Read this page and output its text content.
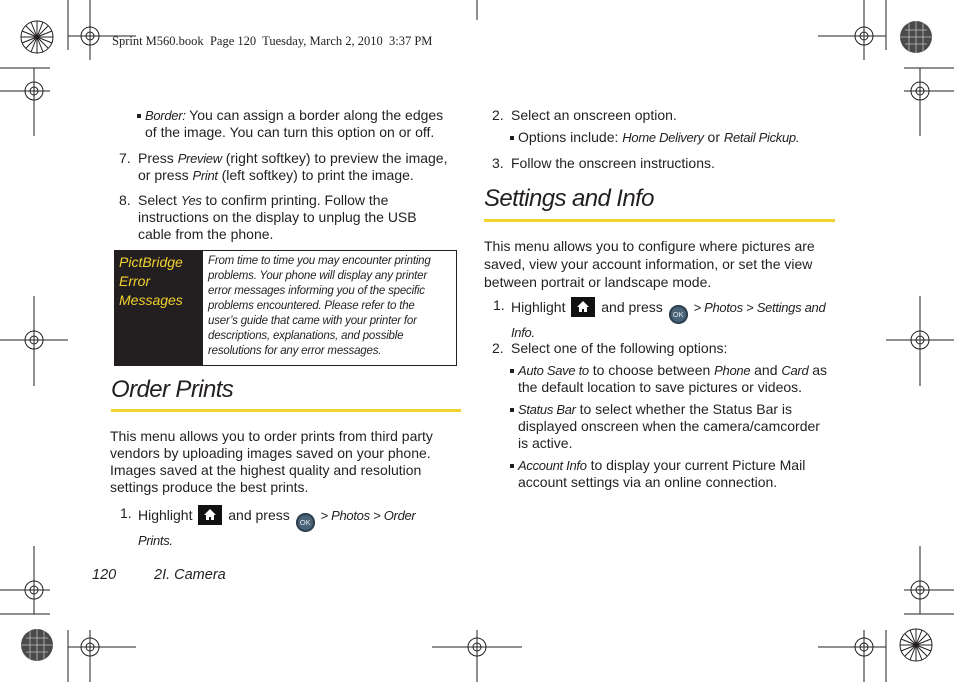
Sprint M560.book Page 120 Tuesday, March 2, 2010 3:37 PM
Border: You can assign a border along the edges
of the image. You can turn this option on or off.
7. Press Preview (right softkey) to preview the image,
or press Print (left softkey) to print the image.
8. Select Yes to confirm printing. Follow the
instructions on the display to unplug the USB
cable from the phone.
PictBridge
Error
Messages
From time to time you may encounter printing
problems. Your phone will display any printer
error messages informing you of the specific
problems encountered. Please refer to the
user’s guide that came with your printer for
descriptions, explanations, and possible
resolutions for any error messages.
Order Prints
This menu allows you to order prints from third party
vendors by uploading images saved on your phone.
Images saved at the highest quality and resolution
settings produce the best prints.
1. Highlight	and press OK > Photos > Order
Prints.
2. Select an onscreen option.
Options include: Home Delivery or Retail Pickup.
3. Follow the onscreen instructions.
Settings and Info
This menu allows you to configure where pictures are
saved, view your account information, or set the view
between portrait or landscape mode.
1. Highlight	and press OK > Photos > Settings and
Info.
2. Select one of the following options:
Auto Save to to choose between Phone and Card as
the default location to save pictures or videos.
Status Bar to select whether the Status Bar is
displayed onscreen when the camera/camcorder
is active.
Account Info to display your current Picture Mail
account settings via an online connection.
120	2I. Camera
